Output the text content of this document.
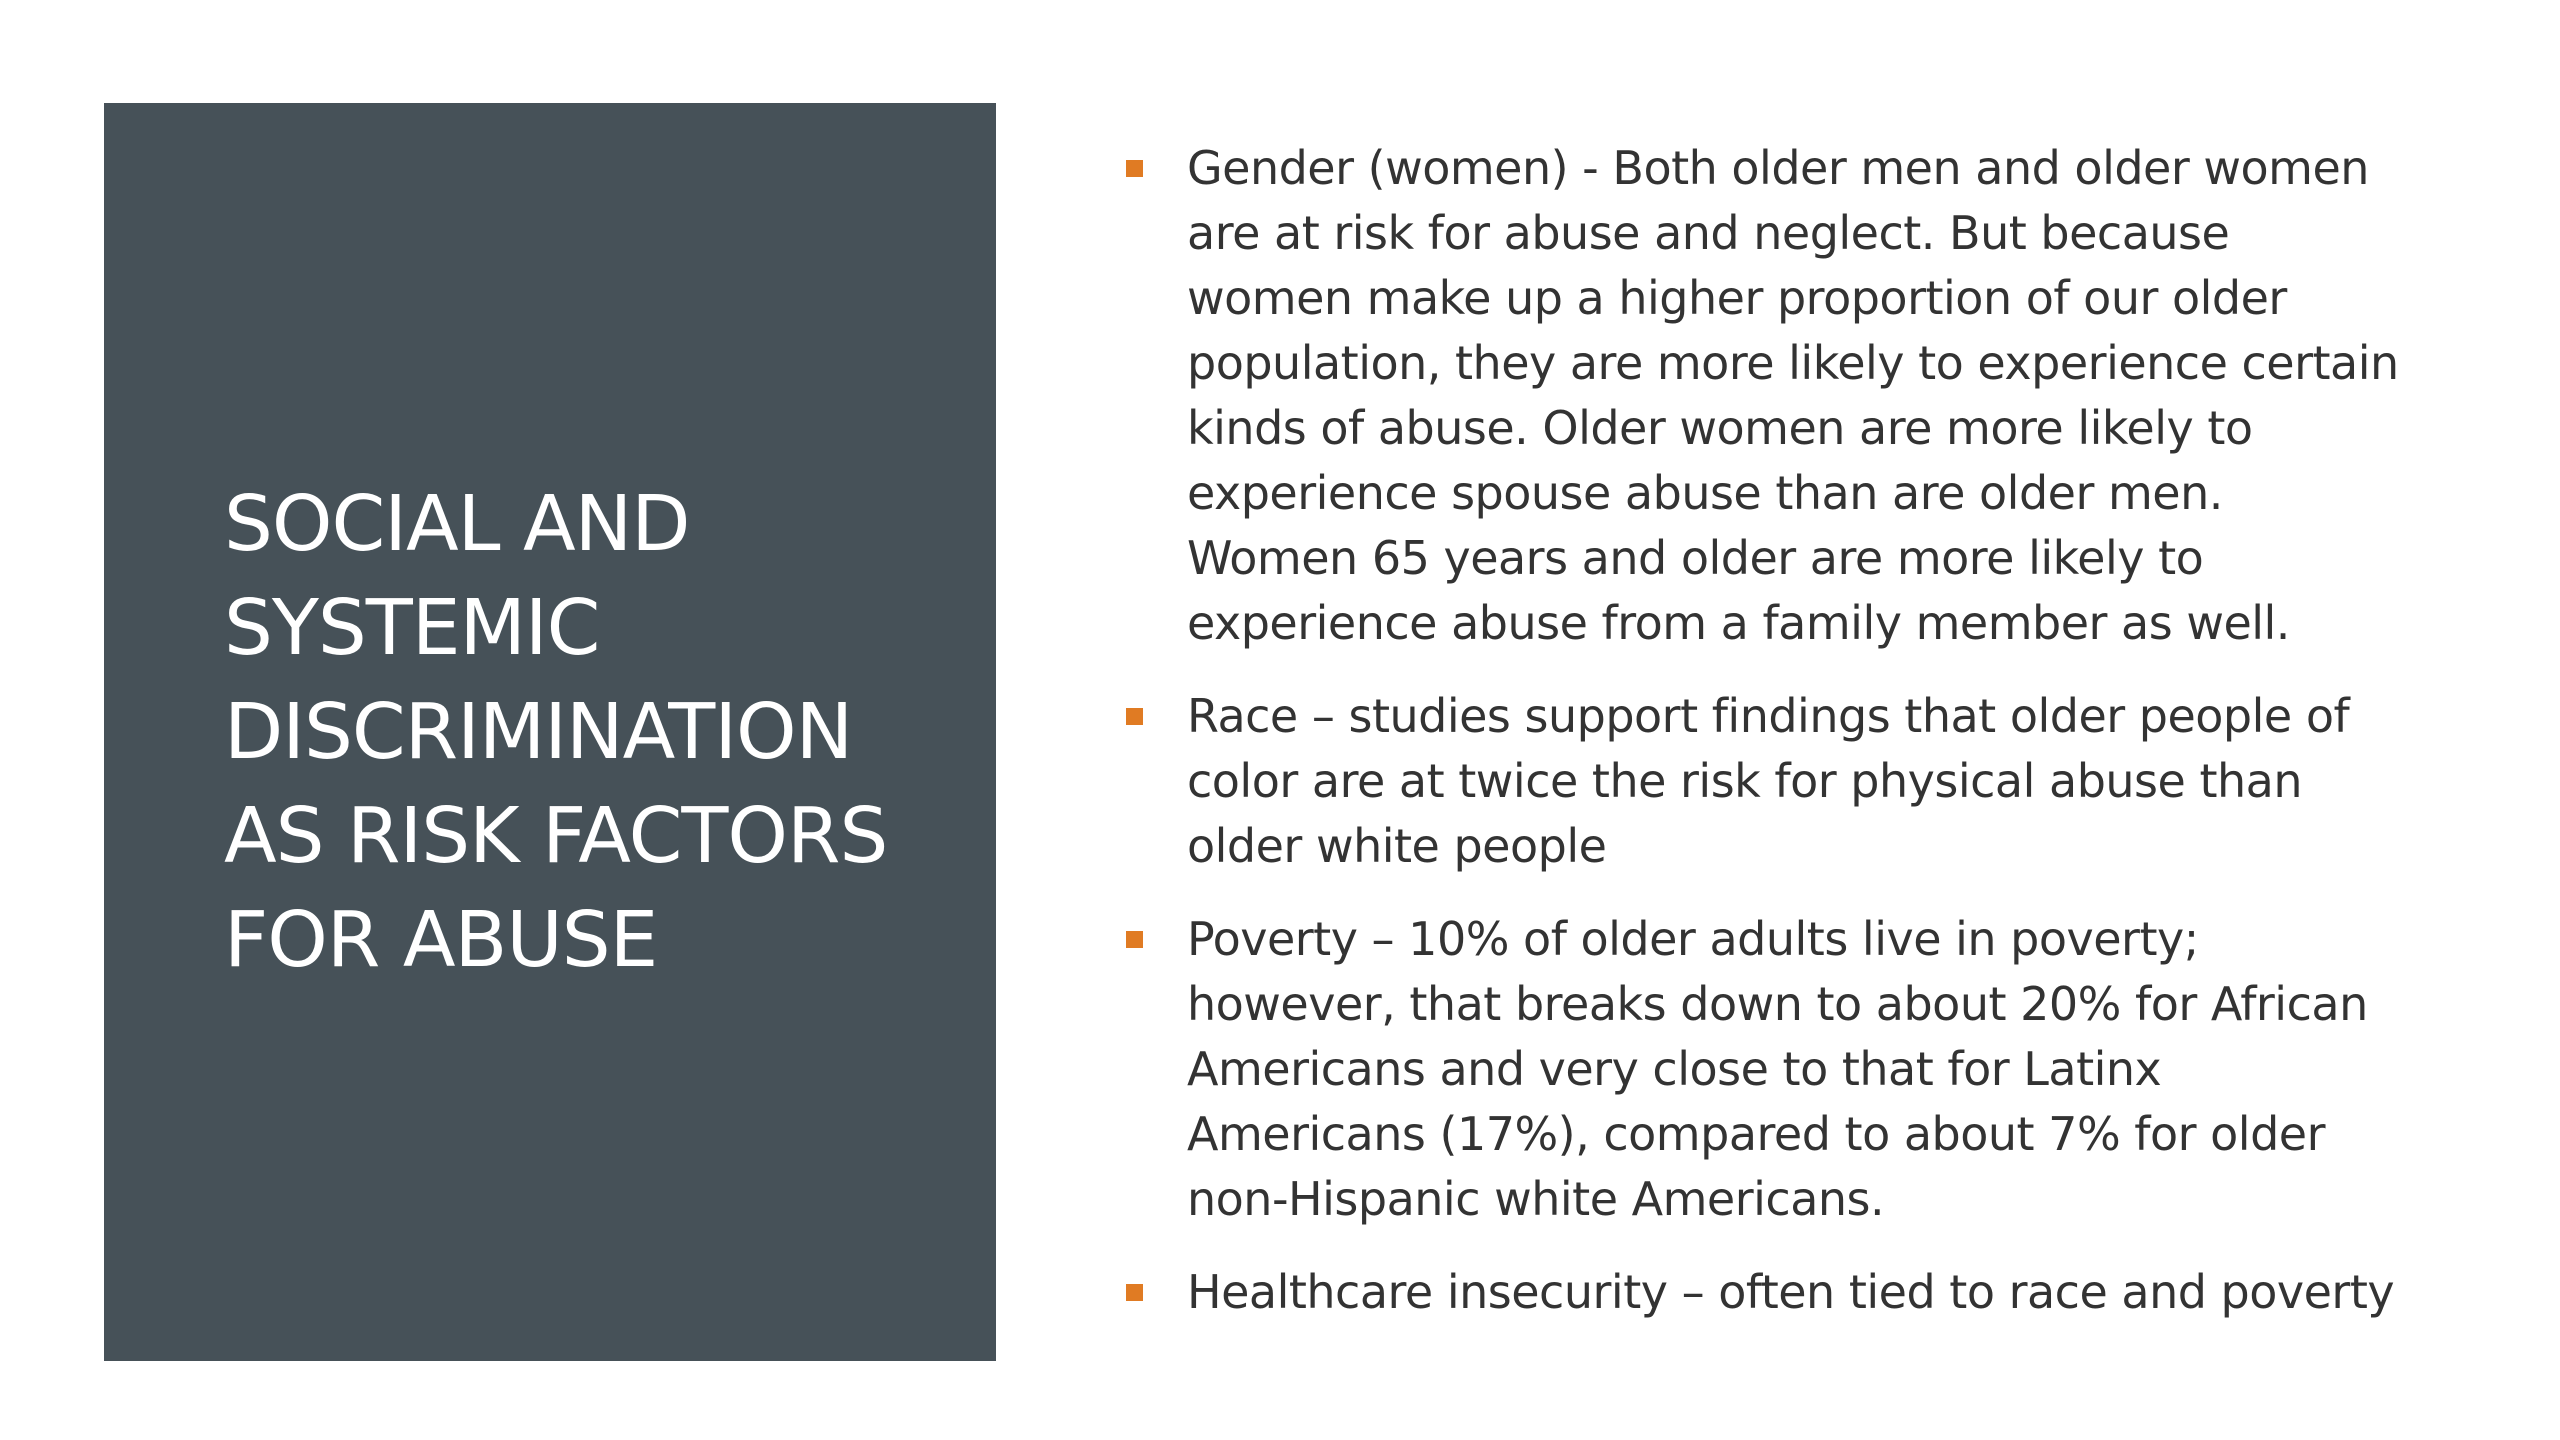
SOCIAL AND SYSTEMIC DISCRIMINATION AS RISK FACTORS FOR ABUSE
Gender (women) - Both older men and older women are at risk for abuse and neglect. But because women make up a higher proportion of our older population, they are more likely to experience certain kinds of abuse. Older women are more likely to experience spouse abuse than are older men. Women 65 years and older are more likely to experience abuse from a family member as well.
Race – studies support findings that older people of color are at twice the risk for physical abuse than older white people
Poverty – 10% of older adults live in poverty; however, that breaks down to about 20% for African Americans and very close to that for Latinx Americans (17%), compared to about 7% for older non-Hispanic white Americans.
Healthcare insecurity – often tied to race and poverty
